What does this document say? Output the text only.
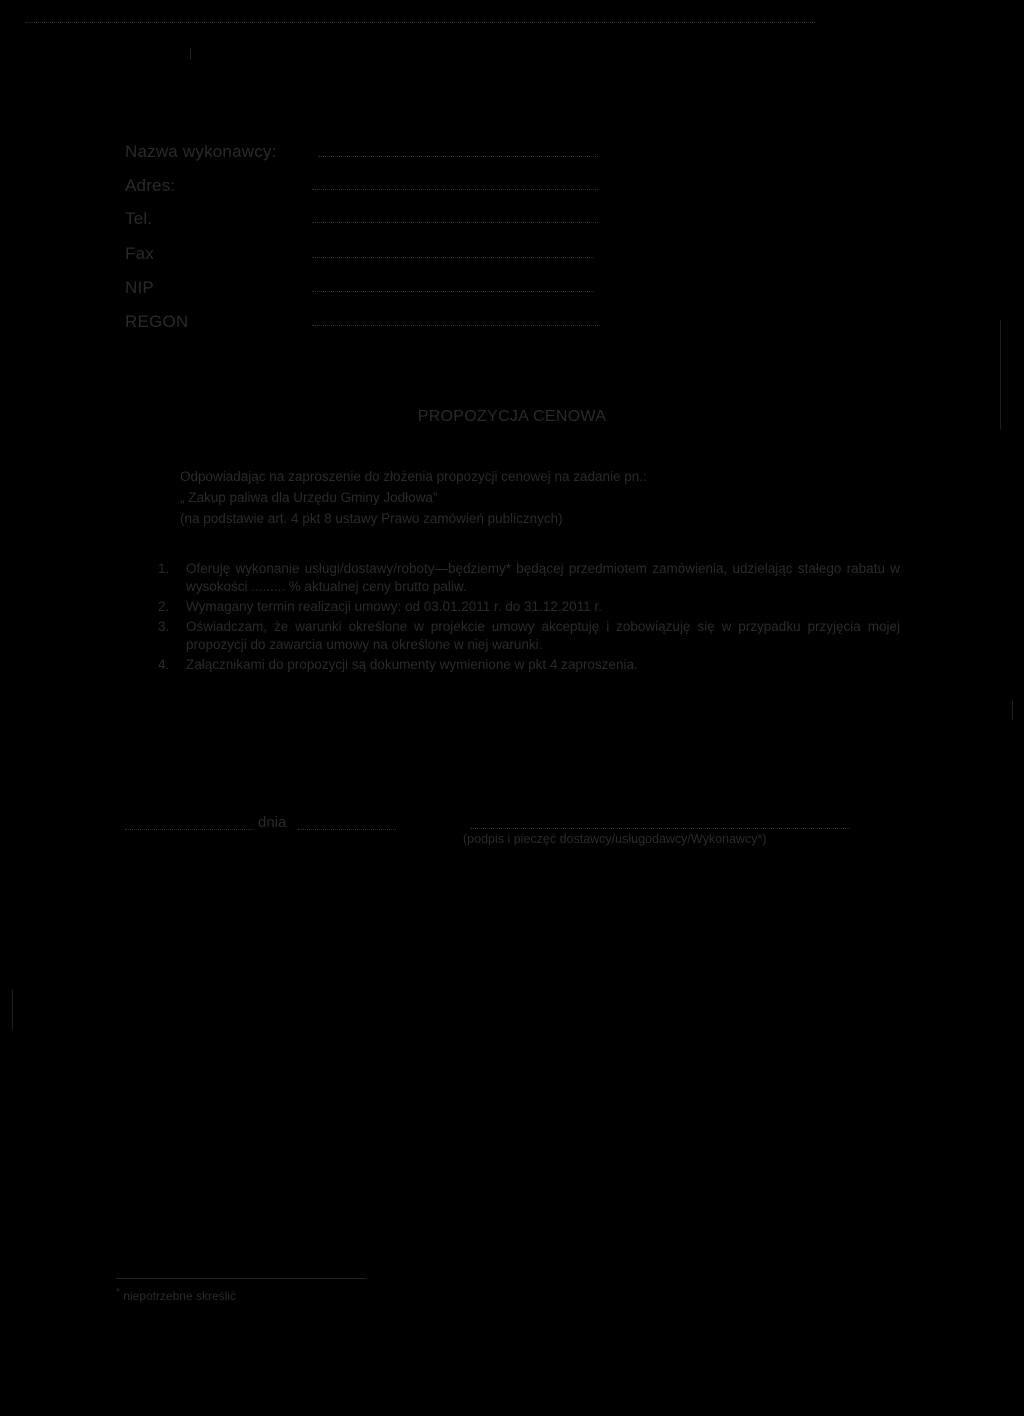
Nazwa wykonawcy:
Adres:
Tel.
Fax
NIP
REGON
PROPOZYCJA CENOWA
Odpowiadając na zaproszenie do złożenia propozycji cenowej na zadanie pn.:
„ Zakup paliwa dla Urzędu Gminy Jodłowa”
(na podstawie art. 4 pkt 8 ustawy Prawo zamówień publicznych)
1. Oferuję wykonanie usługi/dostawy/roboty—będziemy* będącej przedmiotem zamówienia, udzielając stałego rabatu w wysokości ......... % aktualnej ceny brutto paliw.
2. Wymagany termin realizacji umowy: od 03.01.2011 r. do 31.12.2011 r.
3. Oświadczam, że warunki określone w projekcie umowy akceptuję i zobowiązuję się w przypadku przyjęcia mojej propozycji do zawarcia umowy na określone w niej warunki.
4. Załącznikami do propozycji są dokumenty wymienione w pkt 4 zaproszenia.
dnia
(podpis i pieczęć dostawcy/usługodawcy/Wykonawcy*)
* niepotrzebne skreślić
